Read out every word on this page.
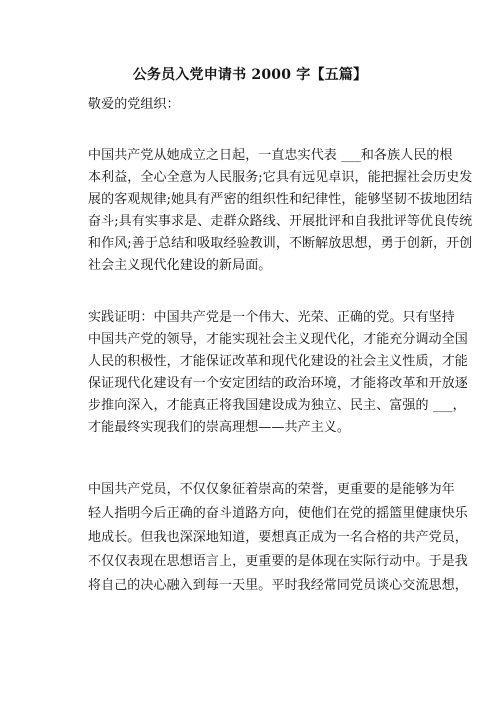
公务员入党申请书 2000 字【五篇】
敬爱的党组织：
中国共产党从她成立之日起，一直忠实代表 ___和各族人民的根
本利益，全心全意为人民服务;它具有远见卓识，能把握社会历史发
展的客观规律;她具有严密的组织性和纪律性，能够坚韧不拔地团结
奋斗;具有实事求是、走群众路线、开展批评和自我批评等优良传统
和作风;善于总结和吸取经验教训，不断解放思想，勇于创新，开创
社会主义现代化建设的新局面。
实践证明：中国共产党是一个伟大、光荣、正确的党。只有坚持
中国共产党的领导，才能实现社会主义现代化，才能充分调动全国
人民的积极性，才能保证改革和现代化建设的社会主义性质，才能
保证现代化建设有一个安定团结的政治环境，才能将改革和开放逐
步推向深入，才能真正将我国建设成为独立、民主、富强的 ___，
才能最终实现我们的崇高理想——共产主义。
中国共产党员，不仅仅象征着崇高的荣誉，更重要的是能够为年
轻人指明今后正确的奋斗道路方向，使他们在党的摇篮里健康快乐
地成长。但我也深深地知道，要想真正成为一名合格的共产党员，
不仅仅表现在思想语言上，更重要的是体现在实际行动中。于是我
将自己的决心融入到每一天里。平时我经常同党员谈心交流思想，
